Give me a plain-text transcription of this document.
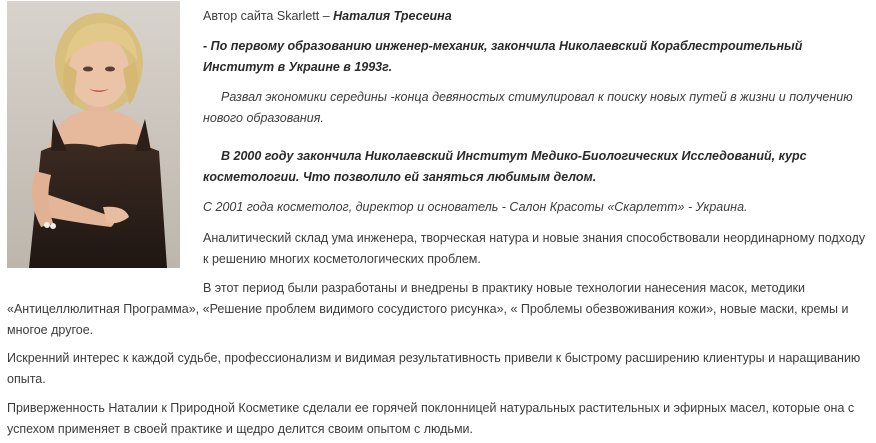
Автор сайта Skarlett – Наталия Тресеина

- По первому образованию инженер-механик, закончила Николаевский Кораблестроительный
Институт в Украине в 1993г.

Развал экономики середины -конца девяностых стимулировал к поиску новых путей в жизни и получению нового образования.

В 2000 году закончила Николаевский Институт Медико-Биологических Исследований, курс косметологии. Что позволило ей заняться любимым делом.

С 2001 года косметолог, директор и основатель - Салон Красоты «Скарлетт» - Украина.

Аналитический склад ума инженера, творческая натура и новые знания способствовали неординарному подходу к решению многих косметологических проблем.

В этот период были разработаны и внедрены в практику новые технологии нанесения масок, методики
«Антицеллюлитная Программа», «Решение проблем видимого сосудистого рисунка», « Проблемы обезвоживания кожи», новые маски, кремы и многое другое.

Искренний интерес к каждой судьбе, профессионализм и видимая результативность привели к быстрому расширению клиентуры и наращиванию опыта.

Приверженность Наталии к Природной Косметике сделали ее горячей поклонницей натуральных растительных и эфирных масел, которые она с успехом применяет в своей практике и щедро делится своим опытом с людьми.
